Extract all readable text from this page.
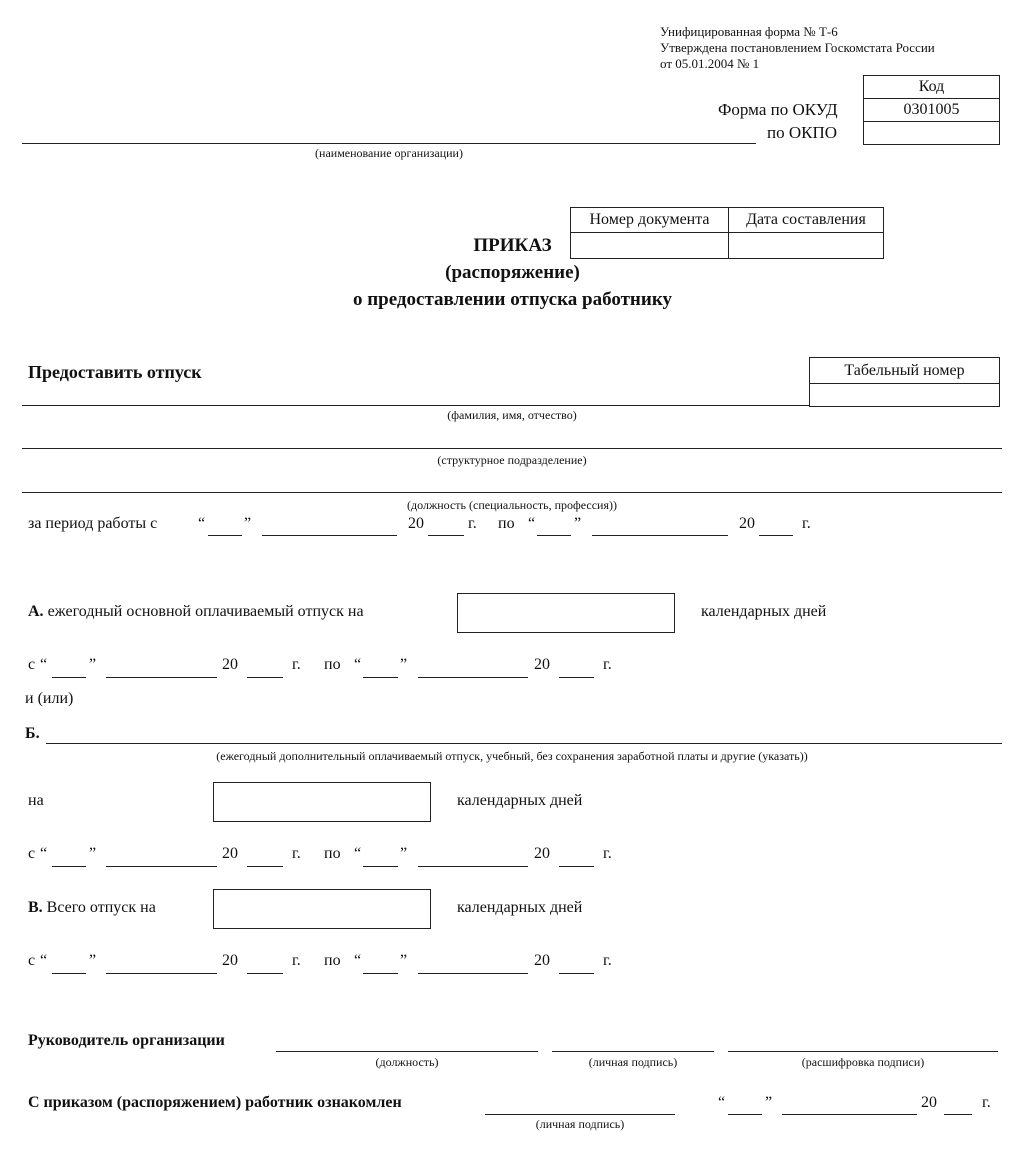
Унифицированная форма № Т-6
Утверждена постановлением Госкомстата России
от 05.01.2004 № 1
Код
0301005
Форма по ОКУД
по ОКПО
(наименование организации)
Номер документа	Дата составления
ПРИКАЗ
(распоряжение)
о предоставлении отпуска работнику
Предоставить отпуск	Табельный номер
(фамилия, имя, отчество)
(структурное подразделение)
(должность (специальность, профессия))
за период работы с	“ ”	20	г. по “ ”	20	г.
А. ежегодный основной оплачиваемый отпуск на	календарных дней
с “	”	20	г. по “ ”	20	г.
и (или)
Б.
(ежегодный дополнительный оплачиваемый отпуск, учебный, без сохранения заработной платы и другие (указать))
на	календарных дней
с “	”	20	г. по “ ”	20	г.
В. Всего отпуск на	календарных дней
с “	”	20	г. по “ ”	20	г.
Руководитель организации
(должность)	(личная подпись)	(расшифровка подписи)
С приказом (распоряжением) работник ознакомлен
(личная подпись)
“ ”	20	г.
